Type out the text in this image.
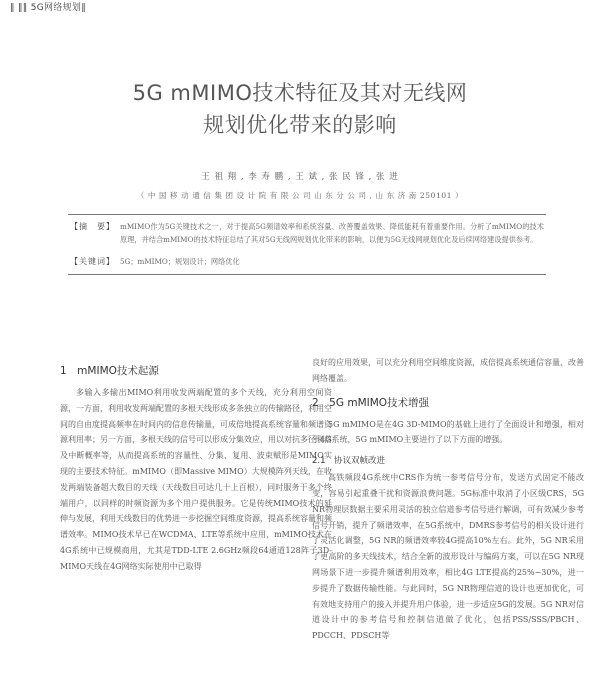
‖ ‖‖ 5G网络规划‖
5G mMIMO技术特征及其对无线网
规划优化带来的影响
王 祖 翔 , 李 寿 鹏 , 王 斌 , 张 民 锋 , 张 进
（ 中 国 移 动 通 信 集 团 设 计 院 有 限 公 司 山 东 分 公 司 , 山 东 济 南 250101 ）
【摘　要】 mMIMO作为5G关键技术之一，对于提高5G频谱效率和系统容量、改善覆盖效果、降低能耗有着重要作用。分析了mMIMO的技术原理，并结合mMIMO的技术特征总结了其对5G无线网规划优化带来的影响，以便为5G无线网规划优化及后续网络建设提供参考。
【关键词】 5G；mMIMO；规划设计；网络优化
1　mMIMO技术起源

多输入多输出MIMO利用收发两端配置的多个天线，充分利用空间资源，一方面，利用收发两端配置的多根天线形成多条独立的传输路径，利用空间的自由度提高频率在时间内的信息传输量，可成倍地提高系统容量和频谱资源利用率；另一方面，多根天线的信号可以形成分集效应，用以对抗多径衰落及中断概率等，从而提高系统的容量性、分集、复用、波束赋形是MIMO实现的主要技术特征。mMIMO（即Massive MIMO）大规模阵列天线，在收发两端装备超大数目的天线（天线数目可达几十上百根），同时服务于多个终端用户，以同样的时频资源为多个用户提供服务。它是传统MIMO技术的延伸与发展，利用天线数目的优势进一步挖掘空间维度资源，提高系统容量和频谱效率。MIMO技术早已在WCDMA、LTE等系统中应用，mMIMO技术在4G系统中已规模商用，尤其是TDD-LTE 2.6GHz频段64通道128阵子3D-MIMO天线在4G网络实际使用中已取得

良好的应用效果，可以充分利用空间维度资源，成倍提高系统通信容量、改善网络覆盖。

2　5G mMIMO技术增强

5G mMIMO是在4G 3D-MIMO的基础上进行了全面设计和增强，相对于4G系统，5G mMIMO主要进行了以下方面的增强。

2.1　协议双帧改进

高铁频段4G系统中CRS作为统一参考信号分布，发送方式固定不能改变，容易引起重叠干扰和资源浪费问题。5G标准中取消了小区级CRS，5G NR物理层数据主要采用灵活的独立信道参考信号进行解调，可有效减少参考信号开销，提升了频谱效率，在5G系统中，DMRS参考信号的相关设计进行了灵活化调整，5G NR的频谱效率较4G提高10%左右。此外，5G NR采用了更高阶的多天线技术，结合全新的波形设计与编码方案，可以在5G NR现网场景下进一步提升频谱利用效率，相比4G LTE提高约25%~30%，进一步提升了数据传输性能。与此同时，5G NR物理信道的设计也更加优化，可有效地支持用户的接入并提升用户体验，进一步适应5G的发展。5G NR对信道设计中的参考信号和控制信道做了优化，包括PSS/SSS/PBCH、PDCCH、PDSCH等
